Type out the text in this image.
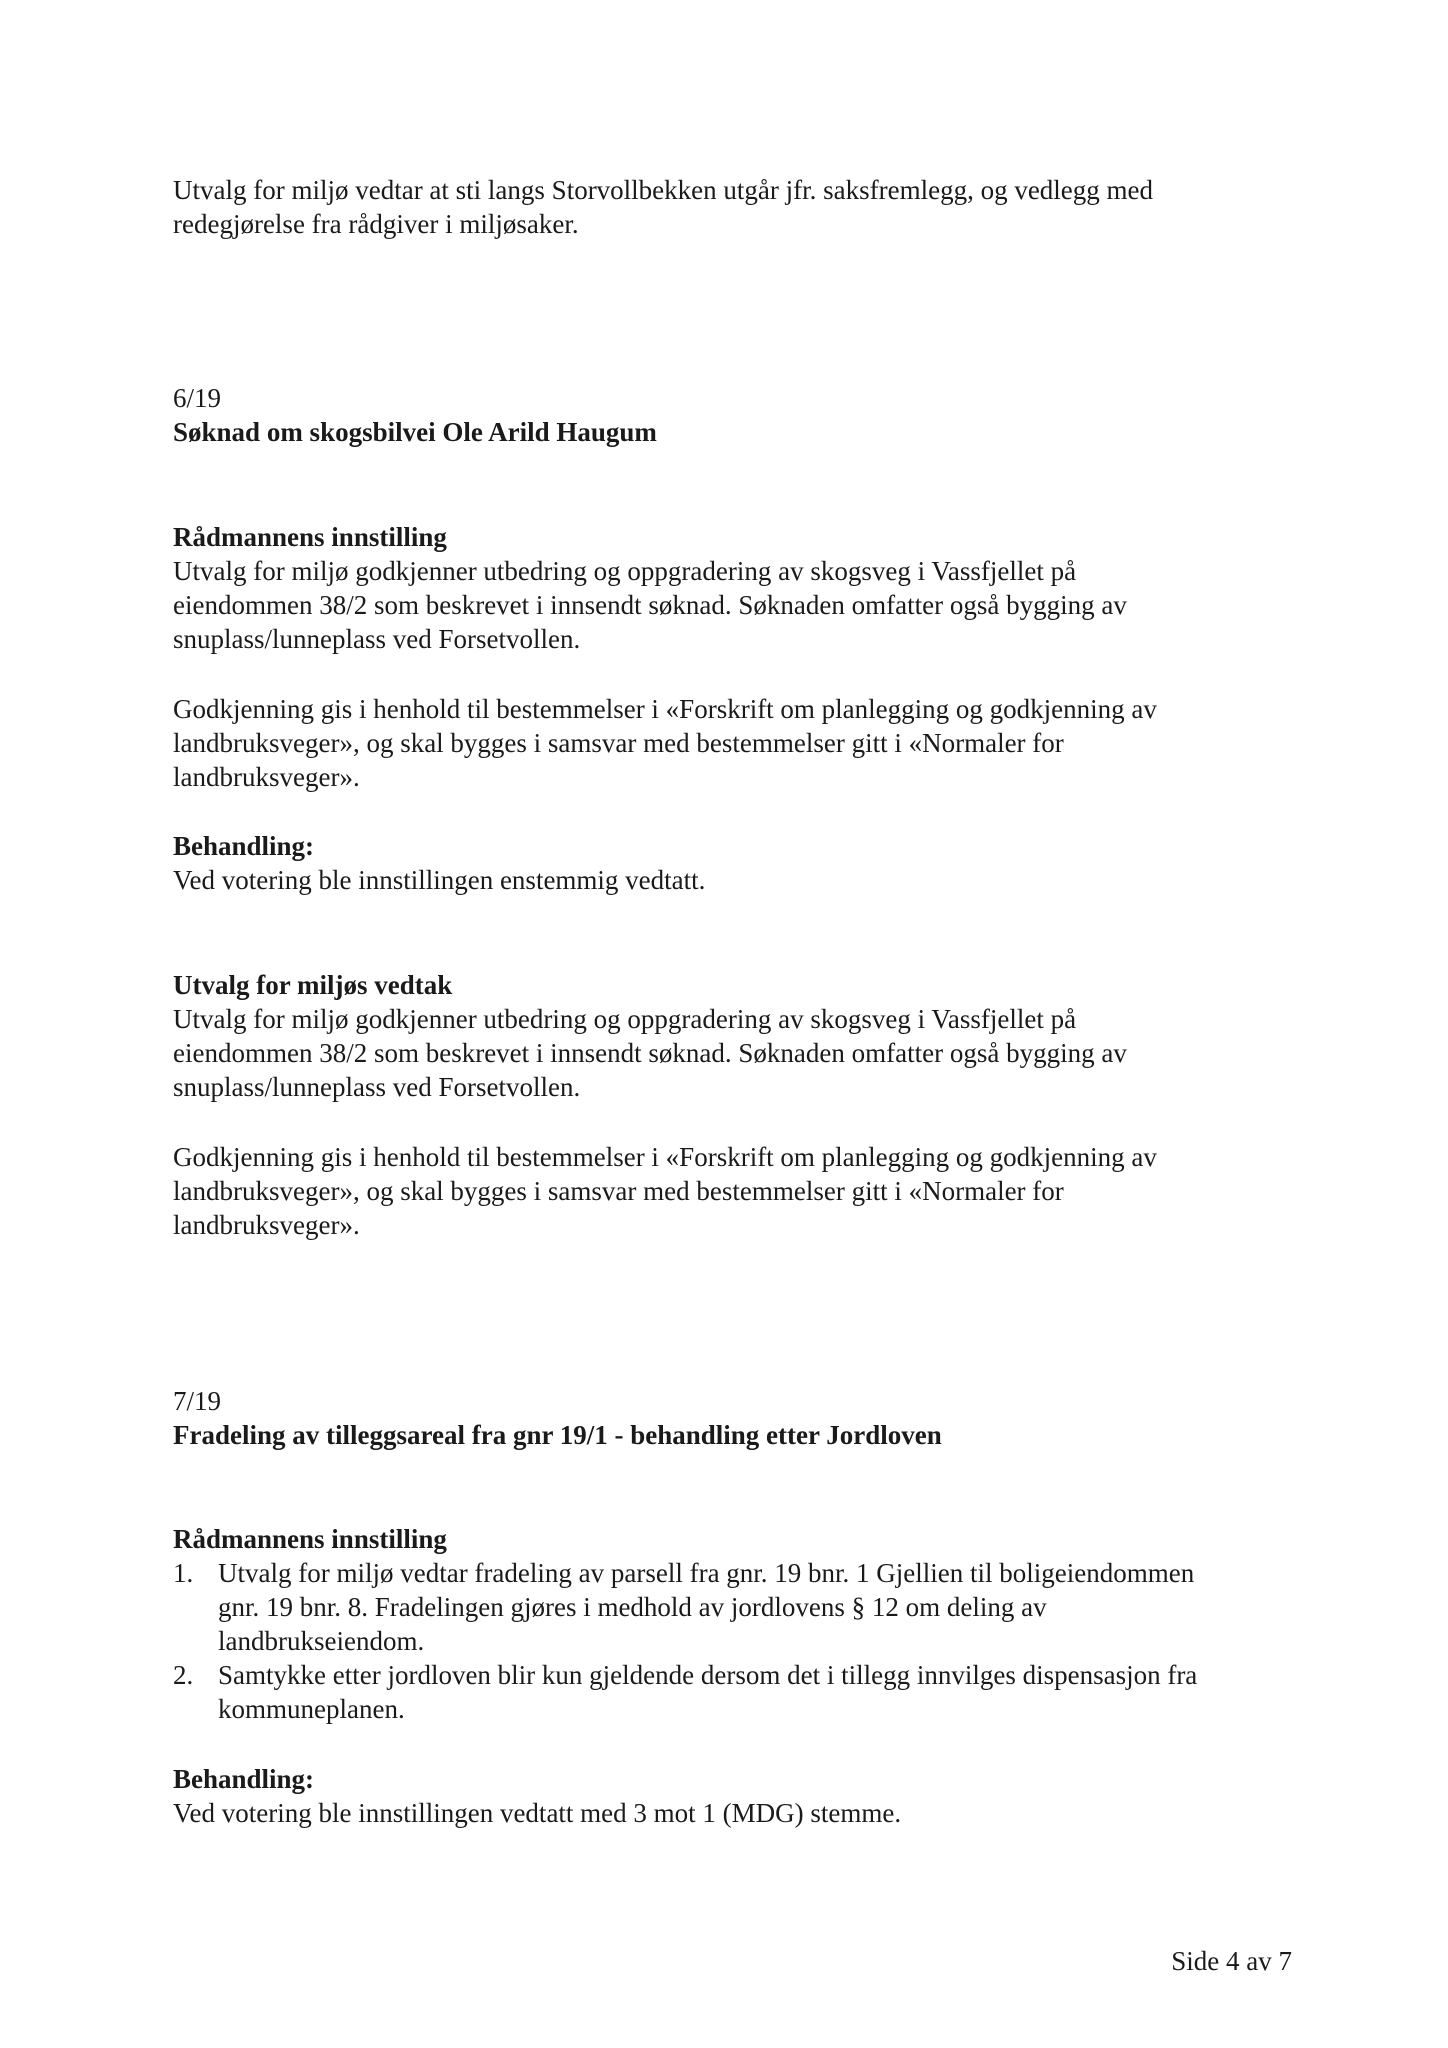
Utvalg for miljø vedtar at sti langs Storvollbekken utgår jfr. saksfremlegg, og vedlegg med
redegjørelse fra rådgiver i miljøsaker.

6/19

Søknad om skogsbilvei Ole Arild Haugum

Rådmannens innstilling

Utvalg for miljø godkjenner utbedring og oppgradering av skogsveg i Vassfjellet på
eiendommen 38/2 som beskrevet i innsendt søknad. Søknaden omfatter også bygging av
snuplass/lunneplass ved Forsetvollen.

Godkjenning gis i henhold til bestemmelser i «Forskrift om planlegging og godkjenning av
landbruksveger», og skal bygges i samsvar med bestemmelser gitt i «Normaler for
landbruksveger».

Behandling:

Ved votering ble innstillingen enstemmig vedtatt.

Utvalg for miljøs vedtak

Utvalg for miljø godkjenner utbedring og oppgradering av skogsveg i Vassfjellet på
eiendommen 38/2 som beskrevet i innsendt søknad. Søknaden omfatter også bygging av
snuplass/lunneplass ved Forsetvollen.

Godkjenning gis i henhold til bestemmelser i «Forskrift om planlegging og godkjenning av
landbruksveger», og skal bygges i samsvar med bestemmelser gitt i «Normaler for
landbruksveger».

7/19

Fradeling av tilleggsareal fra gnr 19/1 - behandling etter Jordloven

Rådmannens innstilling

1. Utvalg for miljø vedtar fradeling av parsell fra gnr. 19 bnr. 1 Gjellien til boligeiendommen
gnr. 19 bnr. 8. Fradelingen gjøres i medhold av jordlovens § 12 om deling av
landbrukseiendom.
2. Samtykke etter jordloven blir kun gjeldende dersom det i tillegg innvilges dispensasjon fra
kommuneplanen.

Behandling:

Ved votering ble innstillingen vedtatt med 3 mot 1 (MDG) stemme.

Side 4 av 7
